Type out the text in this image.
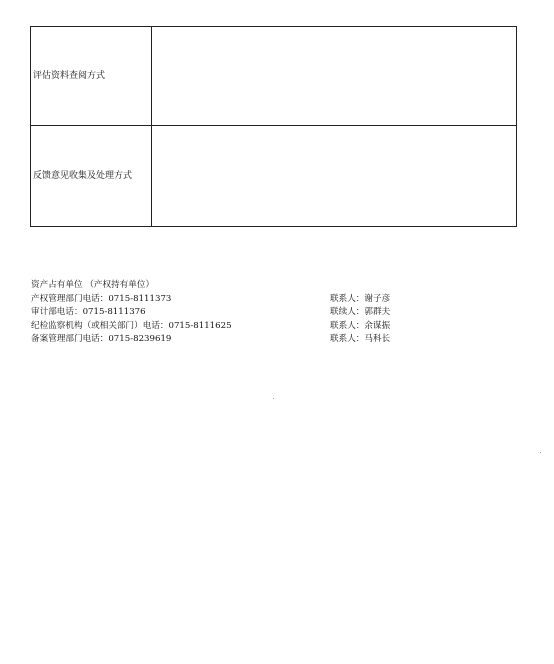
评估资料查阅方式	
反馈意见收集及处理方式	
资产占有单位 （产权持有单位）
产权管理部门电话：0715-8111373	联系人：谢子彦
审计部电话：0715-8111376	联续人：郭群夫
纪检监察机构（或相关部门）电话：0715-8111625	联系人：余谋振
备案管理部门电话：0715-8239619	联系人：马科长
